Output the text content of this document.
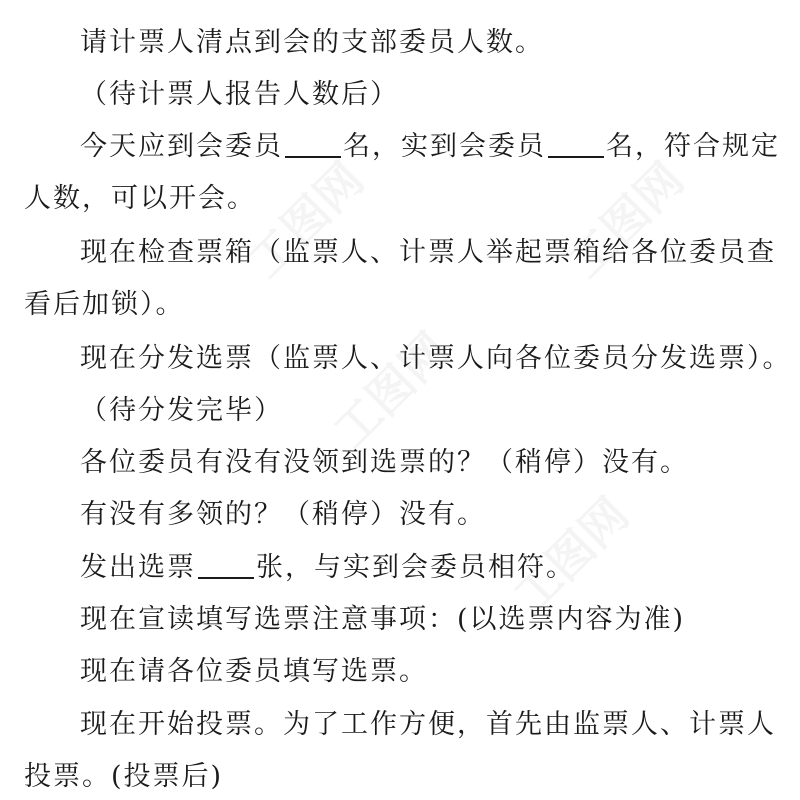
工图网	工图网
工图网
工图网
请计票人清点到会的支部委员人数。
（待计票人报告人数后）
今天应到会委员 名，实到会委员 名，符合规定
人数，可以开会。
现在检查票箱（监票人、计票人举起票箱给各位委员查
看后加锁）。
现在分发选票（监票人、计票人向各位委员分发选票）。
（待分发完毕）
各位委员有没有没领到选票的？（稍停）没有。
有没有多领的？（稍停）没有。
发出选票 张，与实到会委员相符。
现在宣读填写选票注意事项：(以选票内容为准)
现在请各位委员填写选票。
现在开始投票。为了工作方便，首先由监票人、计票人
投票。(投票后)
